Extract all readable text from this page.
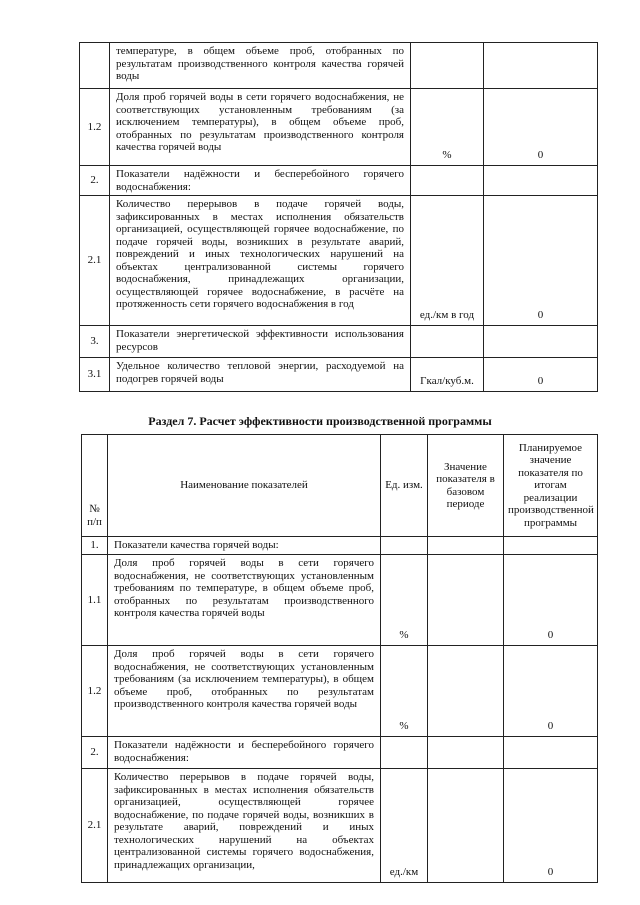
	температуре, в общем объеме проб, отобранных по результатам производственного контроля качества горячей воды		
1.2	Доля проб горячей воды в сети горячего водоснабжения, не соответствующих установленным требованиям (за исключением температуры), в общем объеме проб, отобранных по результатам производственного контроля качества горячей воды	%	0
2.	Показатели надёжности и бесперебойного горячего водоснабжения:		
2.1	Количество перерывов в подаче горячей воды, зафиксированных в местах исполнения обязательств организацией, осуществляющей горячее водоснабжение, по подаче горячей воды, возникших в результате аварий, повреждений и иных технологических нарушений на объектах централизованной системы горячего водоснабжения, принадлежащих организации, осуществляющей горячее водоснабжение, в расчёте на протяженность сети горячего водоснабжения в год	ед./км в год	0
3.	Показатели энергетической эффективности использования ресурсов		
3.1	Удельное количество тепловой энергии, расходуемой на подогрев горячей воды	Гкал/куб.м.	0
Раздел 7. Расчет эффективности производственной программы
№ п/п	Наименование показателей	Ед. изм.	Значение показателя в базовом периоде	Планируемое значение показателя по итогам реализации производственной программы
1.	Показатели качества горячей воды:			
1.1	Доля проб горячей воды в сети горячего водоснабжения, не соответствующих установленным требованиям по температуре, в общем объеме проб, отобранных по результатам производственного контроля качества горячей воды	%		0
1.2	Доля проб горячей воды в сети горячего водоснабжения, не соответствующих установленным требованиям (за исключением температуры), в общем объеме проб, отобранных по результатам производственного контроля качества горячей воды	%		0
2.	Показатели надёжности и бесперебойного горячего водоснабжения:			
2.1	Количество перерывов в подаче горячей воды, зафиксированных в местах исполнения обязательств организацией, осуществляющей горячее водоснабжение, по подаче горячей воды, возникших в результате аварий, повреждений и иных технологических нарушений на объектах централизованной системы горячего водоснабжения, принадлежащих организации,	ед./км		0
